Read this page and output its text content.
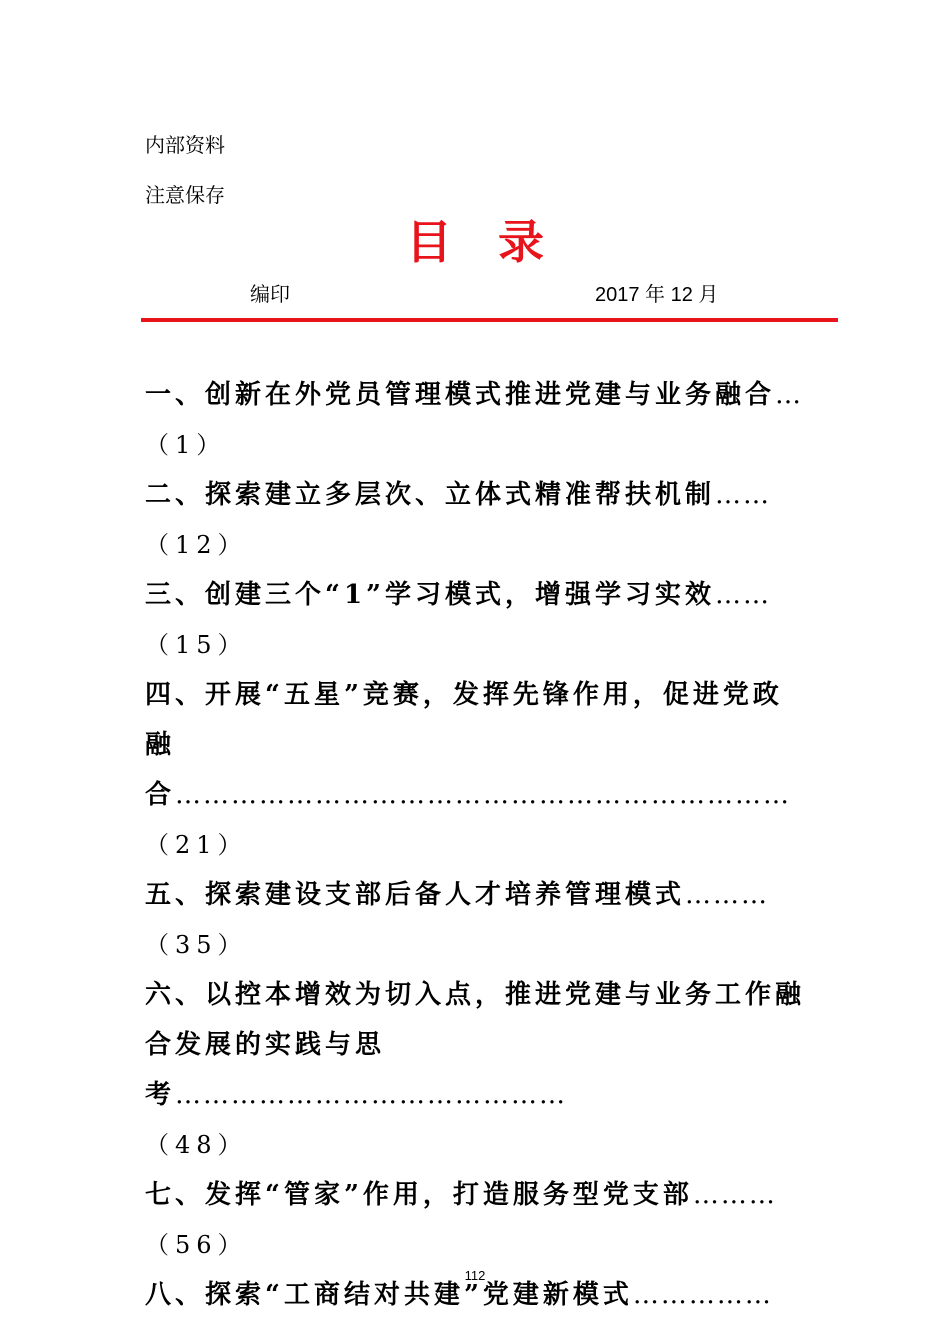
内部资料
注意保存
目 录
编印	2017 年 12 月
一、创新在外党员管理模式推进党建与业务融合…
（1）
二、探索建立多层次、立体式精准帮扶机制……
（12）
三、创建三个“1”学习模式，增强学习实效……
（15）
四、开展“五星”竞赛，发挥先锋作用，促进党政融合…………………………………………………………
（21）
五、探索建设支部后备人才培养管理模式………
（35）
六、以控本增效为切入点，推进党建与业务工作融合发展的实践与思考……………………………………
（48）
七、发挥“管家”作用，打造服务型党支部………
（56）
八、探索“工商结对共建”党建新模式……………
112
